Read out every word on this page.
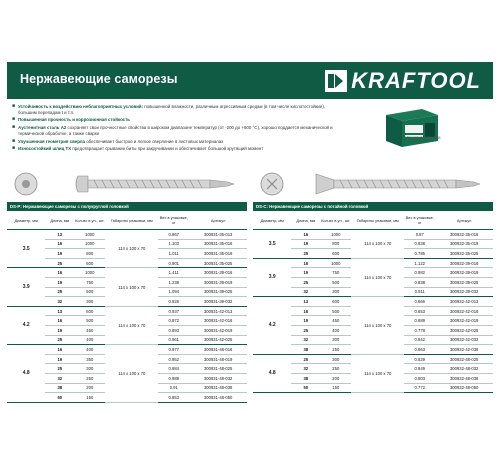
Нержавеющие саморезы	KRAFTOOL
■ Устойчивость к воздействию неблагоприятных условий: повышенной влажности, различным агрессивным средам (в том числе кислотостойкие), большим перепадам t и т.п.
■ Повышенная прочность и коррозионная стойкость
■ Аустенитная сталь А2 сохраняет свои прочностные свойства в широком диапазоне температур (от -200 до +600 °С), хорошо поддается механической и термической обработке, а также сварке
■ Улучшенная геометрия сверла обеспечивает быстрое и легкое сверление в листовых материалах
■ Износостойкий шлиц TX предотвращает срывание биты при закручивании и обеспечивает большой крутящий момент
Упаковка: коробки
DS-P: Нержавеющие саморезы с полукруглой головкой
Диаметр, мм	Длина, мм	Кол-во в уп., шт.	Габариты упаковки, мм	Вес в упаковке, кг	Артикул
3.5	13	1000	114 x 100 x 70	0.867	300931-35-013
	16	1000		1.103	300931-35-016
	19	800		1.011	300931-35-019
	25	600		0.901	300931-35-025
3.9	16	1000	114 x 100 x 70	1.411	300931-39-016
	19	750		1.238	300931-39-019
	25	500		1.094	300931-39-025
	32	300		0.926	300931-39-032
4.2	13	600	114 x 100 x 70	0.937	300931-42-013
	16	500		0.872	300931-42-016
	19	450		0.893	300931-42-019
	25	400		0.961	300931-42-025
4.8	16	400	114 x 100 x 70	0.977	300931-48-016
	19	350		0.952	300931-48-019
	25	300		0.984	300931-48-025
	32	250		0.989	300931-48-032
	38	200		0.91	300931-48-038
	50	150		0.853	300931-48-050
DS-C: Нержавеющие саморезы с потайной головкой
Диаметр, мм	Длина, мм	Кол-во в уп., шт.	Габариты упаковки, мм	Вес в упаковке, кг	Артикул
3.5	16	1000	114 x 100 x 70	0.87	300932-35-016
	19	800		0.838	300932-35-019
	25	600		0.785	300932-35-025
3.9	16	1000	114 x 100 x 70	1.122	300932-39-016
	19	750		0.982	300932-39-019
	25	500		0.838	300932-39-025
	32	300		0.811	300932-39-032
4.2	13	600	114 x 100 x 70	0.666	300932-42-013
	16	500		0.653	300932-42-016
	19	450		0.689	300932-42-019
	25	400		0.778	300932-42-025
	32	300		0.842	300932-42-032
	38	250		0.863	300932-42-038
4.8	25	300	114 x 100 x 70	0.829	300932-48-025
	32	250		0.849	300932-48-032
	38	200		0.803	300932-48-038
	50	150		0.772	300932-48-050
